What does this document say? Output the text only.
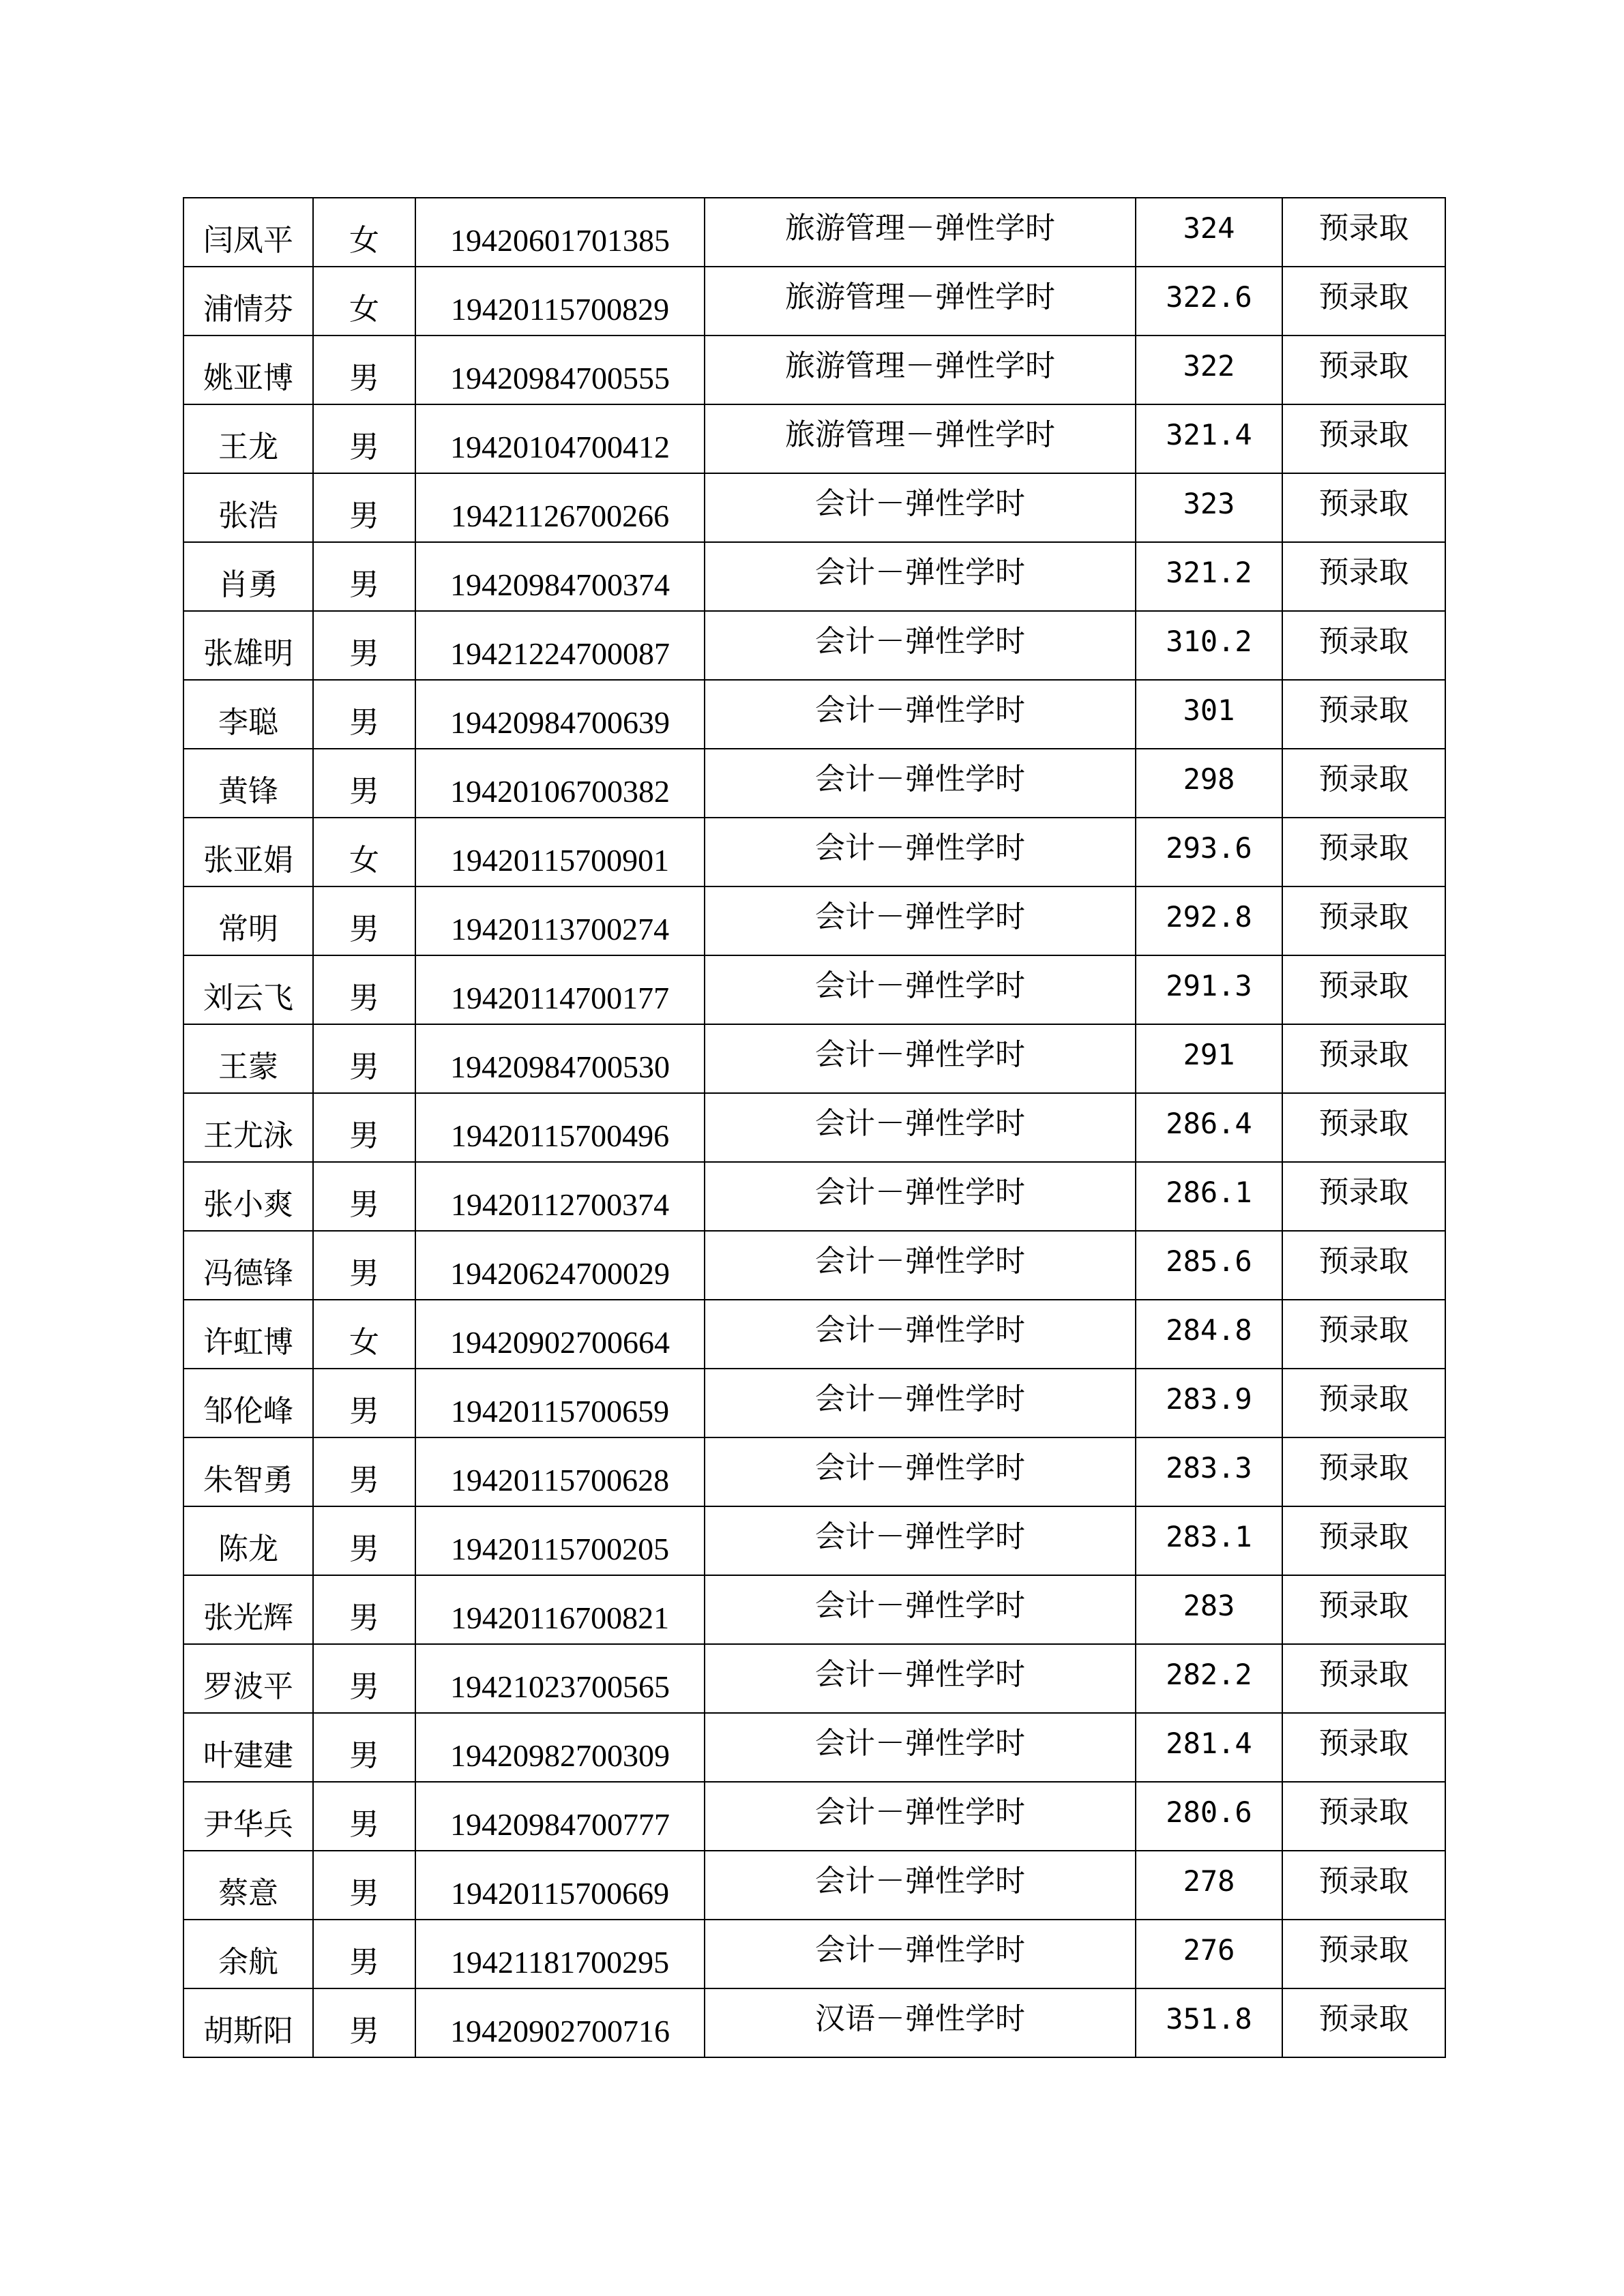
闫凤平	女	19420601701385	旅游管理－弹性学时	324	预录取
浦情芬	女	19420115700829	旅游管理－弹性学时	322.6	预录取
姚亚博	男	19420984700555	旅游管理－弹性学时	322	预录取
王龙	男	19420104700412	旅游管理－弹性学时	321.4	预录取
张浩	男	19421126700266	会计－弹性学时	323	预录取
肖勇	男	19420984700374	会计－弹性学时	321.2	预录取
张雄明	男	19421224700087	会计－弹性学时	310.2	预录取
李聪	男	19420984700639	会计－弹性学时	301	预录取
黄锋	男	19420106700382	会计－弹性学时	298	预录取
张亚娟	女	19420115700901	会计－弹性学时	293.6	预录取
常明	男	19420113700274	会计－弹性学时	292.8	预录取
刘云飞	男	19420114700177	会计－弹性学时	291.3	预录取
王蒙	男	19420984700530	会计－弹性学时	291	预录取
王尤泳	男	19420115700496	会计－弹性学时	286.4	预录取
张小爽	男	19420112700374	会计－弹性学时	286.1	预录取
冯德锋	男	19420624700029	会计－弹性学时	285.6	预录取
许虹博	女	19420902700664	会计－弹性学时	284.8	预录取
邹伦峰	男	19420115700659	会计－弹性学时	283.9	预录取
朱智勇	男	19420115700628	会计－弹性学时	283.3	预录取
陈龙	男	19420115700205	会计－弹性学时	283.1	预录取
张光辉	男	19420116700821	会计－弹性学时	283	预录取
罗波平	男	19421023700565	会计－弹性学时	282.2	预录取
叶建建	男	19420982700309	会计－弹性学时	281.4	预录取
尹华兵	男	19420984700777	会计－弹性学时	280.6	预录取
蔡意	男	19420115700669	会计－弹性学时	278	预录取
余航	男	19421181700295	会计－弹性学时	276	预录取
胡斯阳	男	19420902700716	汉语－弹性学时	351.8	预录取
